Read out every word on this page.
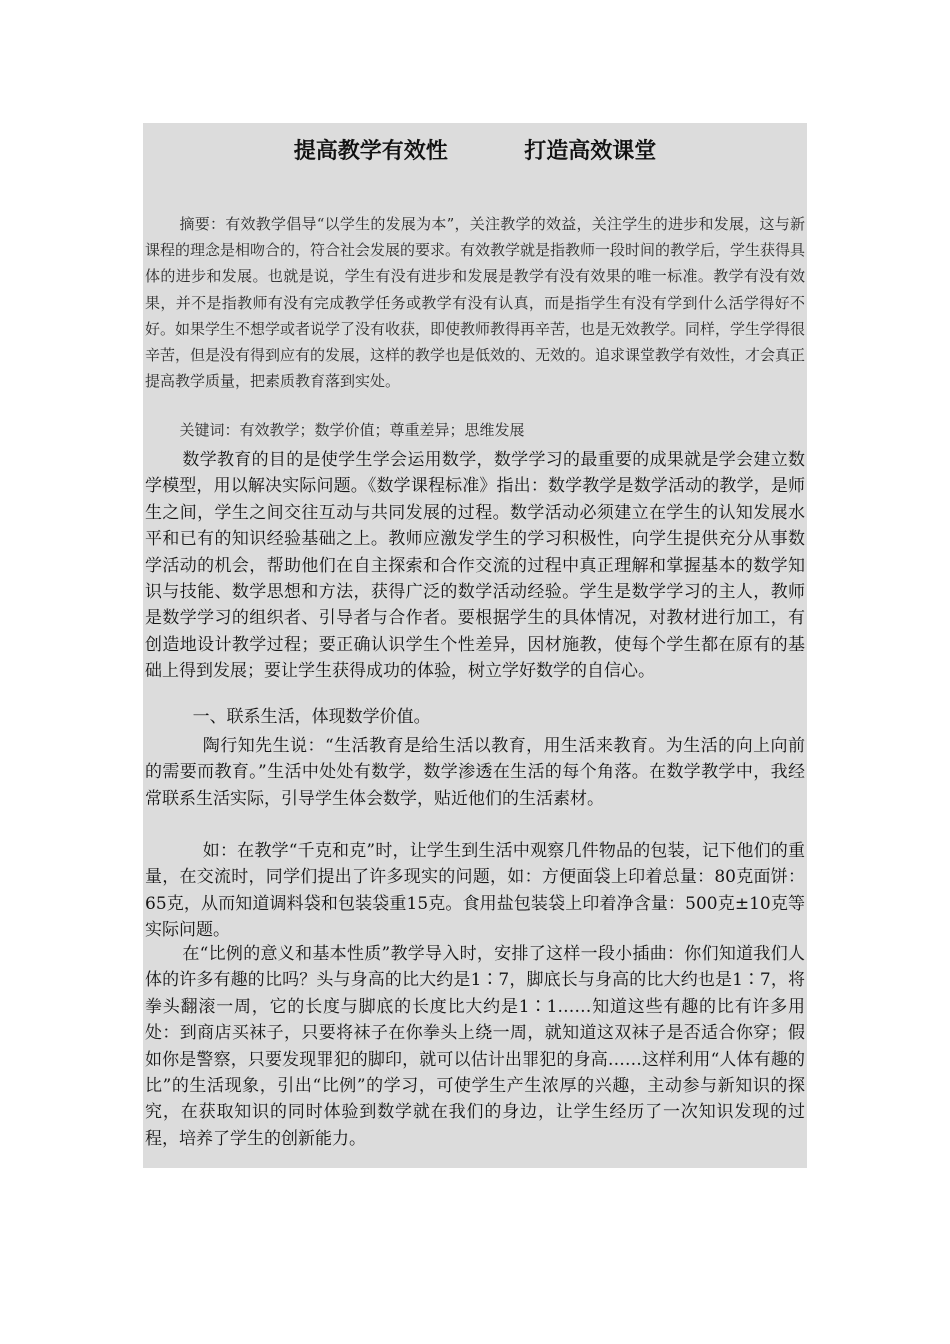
提高教学有效性          打造高效课堂

摘要：有效教学倡导“以学生的发展为本”，关注教学的效益，关注学生的进步和发展，这与新课程的理念是相吻合的，符合社会发展的要求。有效教学就是指教师一段时间的教学后，学生获得具体的进步和发展。也就是说，学生有没有进步和发展是教学有没有效果的唯一标准。教学有没有效果，并不是指教师有没有完成教学任务或教学有没有认真，而是指学生有没有学到什么活学得好不好。如果学生不想学或者说学了没有收获，即使教师教得再辛苦，也是无效教学。同样，学生学得很辛苦，但是没有得到应有的发展，这样的教学也是低效的、无效的。追求课堂教学有效性，才会真正提高教学质量，把素质教育落到实处。

关键词：有效教学；数学价值；尊重差异；思维发展

数学教育的目的是使学生学会运用数学，数学学习的最重要的成果就是学会建立数学模型，用以解决实际问题。《数学课程标准》指出：数学教学是数学活动的教学，是师生之间，学生之间交往互动与共同发展的过程。数学活动必须建立在学生的认知发展水平和已有的知识经验基础之上。教师应激发学生的学习积极性，向学生提供充分从事数学活动的机会，帮助他们在自主探索和合作交流的过程中真正理解和掌握基本的数学知识与技能、数学思想和方法，获得广泛的数学活动经验。学生是数学学习的主人，教师是数学学习的组织者、引导者与合作者。要根据学生的具体情况，对教材进行加工，有创造地设计教学过程；要正确认识学生个性差异，因材施教，使每个学生都在原有的基础上得到发展；要让学生获得成功的体验，树立学好数学的自信心。

一、联系生活，体现数学价值。

陶行知先生说：“生活教育是给生活以教育，用生活来教育。为生活的向上向前的需要而教育。”生活中处处有数学，数学渗透在生活的每个角落。在数学教学中，我经常联系生活实际，引导学生体会数学，贴近他们的生活素材。

如：在教学“千克和克”时，让学生到生活中观察几件物品的包装，记下他们的重量，在交流时，同学们提出了许多现实的问题，如：方便面袋上印着总量：80克面饼：65克，从而知道调料袋和包装袋重15克。食用盐包装袋上印着净含量：500克±10克等实际问题。

在“比例的意义和基本性质”教学导入时，安排了这样一段小插曲：你们知道我们人体的许多有趣的比吗？头与身高的比大约是1∶7，脚底长与身高的比大约也是1∶7，将拳头翻滚一周，它的长度与脚底的长度比大约是1∶1……知道这些有趣的比有许多用处：到商店买袜子，只要将袜子在你拳头上绕一周，就知道这双袜子是否适合你穿；假如你是警察，只要发现罪犯的脚印，就可以估计出罪犯的身高……这样利用“人体有趣的比”的生活现象，引出“比例”的学习，可使学生产生浓厚的兴趣，主动参与新知识的探究，在获取知识的同时体验到数学就在我们的身边，让学生经历了一次知识发现的过程，培养了学生的创新能力。
